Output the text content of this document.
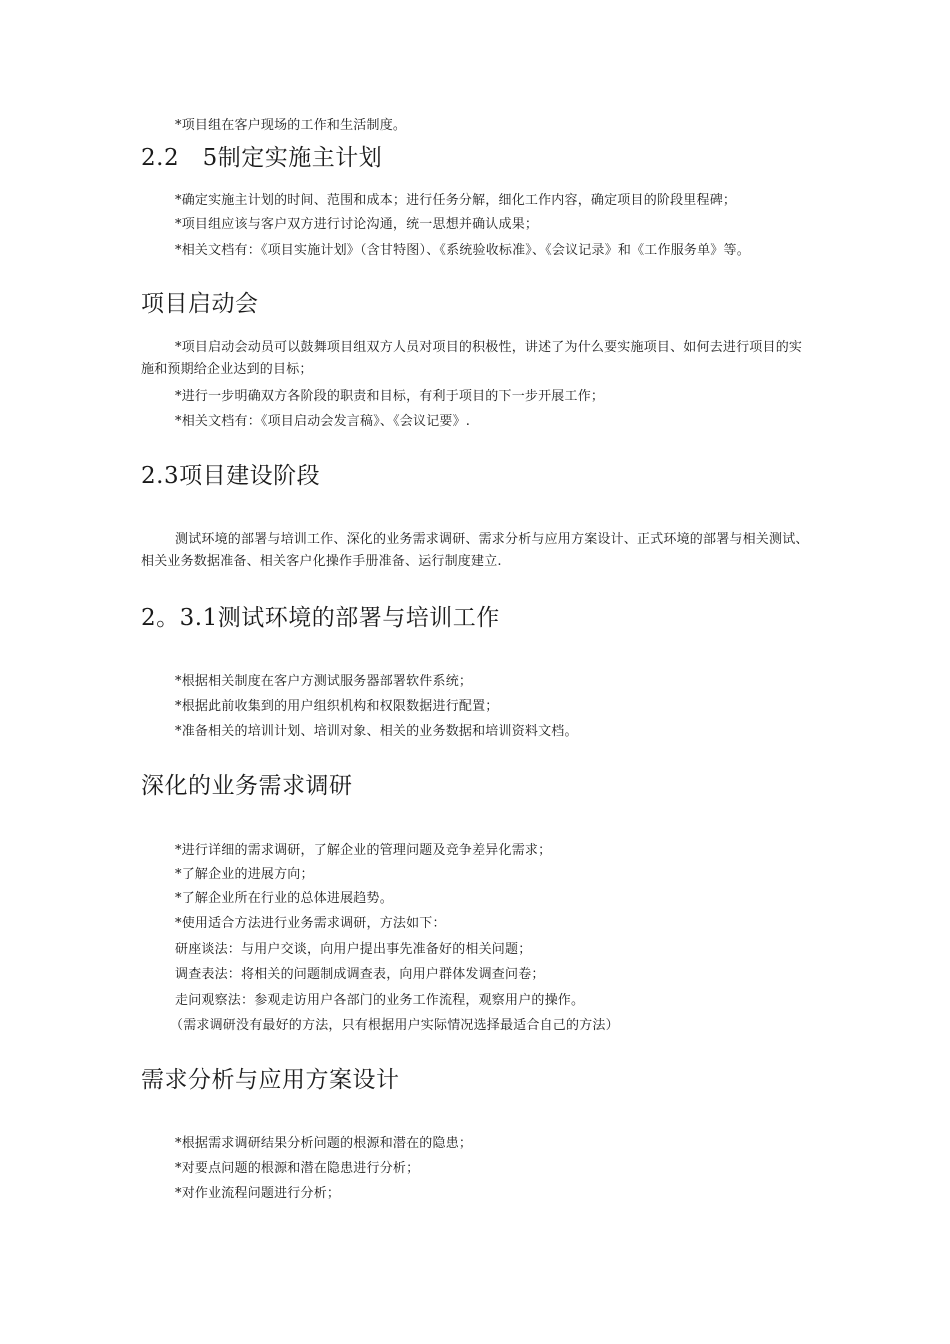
*项目组在客户现场的工作和生活制度。

2.2　5制定实施主计划

*确定实施主计划的时间、范围和成本；进行任务分解，细化工作内容，确定项目的阶段里程碑；

*项目组应该与客户双方进行讨论沟通，统一思想并确认成果；

*相关文档有：《项目实施计划》（含甘特图）、《系统验收标准》、《会议记录》和《工作服务单》等。

项目启动会

*项目启动会动员可以鼓舞项目组双方人员对项目的积极性，讲述了为什么要实施项目、如何去进行项目的实施和预期给企业达到的目标；

*进行一步明确双方各阶段的职责和目标，有利于项目的下一步开展工作；

*相关文档有：《项目启动会发言稿》、《会议记要》.

2.3项目建设阶段

测试环境的部署与培训工作、深化的业务需求调研、需求分析与应用方案设计、正式环境的部署与相关测试、相关业务数据准备、相关客户化操作手册准备、运行制度建立.

2。3.1测试环境的部署与培训工作

*根据相关制度在客户方测试服务器部署软件系统；

*根据此前收集到的用户组织机构和权限数据进行配置；

*准备相关的培训计划、培训对象、相关的业务数据和培训资料文档。

深化的业务需求调研

*进行详细的需求调研，了解企业的管理问题及竞争差异化需求；

*了解企业的进展方向；

*了解企业所在行业的总体进展趋势。

*使用适合方法进行业务需求调研，方法如下：

研座谈法：与用户交谈，向用户提出事先准备好的相关问题；

调查表法：将相关的问题制成调查表，向用户群体发调查问卷；

走问观察法：参观走访用户各部门的业务工作流程，观察用户的操作。

（需求调研没有最好的方法，只有根据用户实际情况选择最适合自己的方法）

需求分析与应用方案设计

*根据需求调研结果分析问题的根源和潜在的隐患；

*对要点问题的根源和潜在隐患进行分析；

*对作业流程问题进行分析；
